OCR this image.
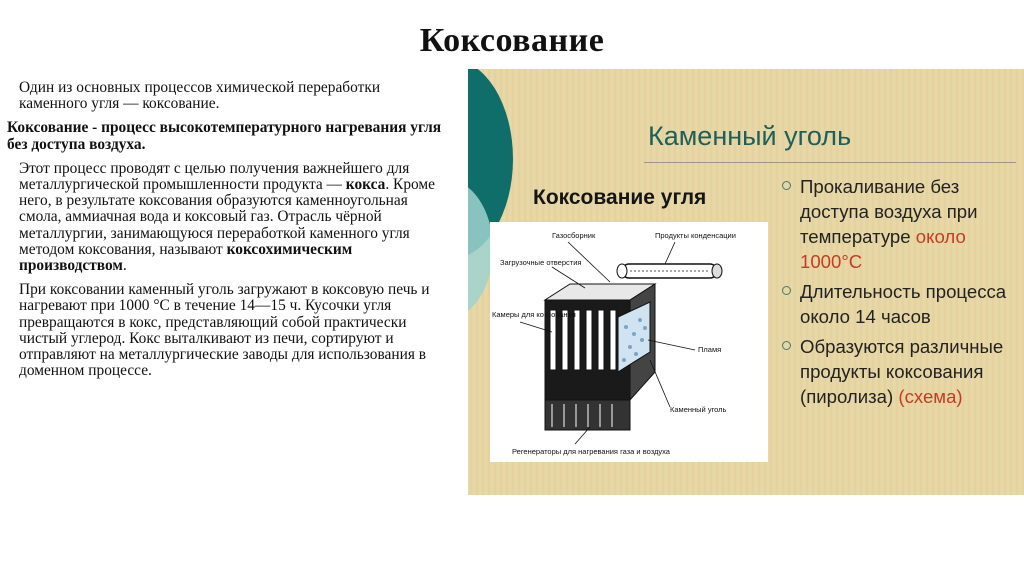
Коксование

Один из основных процессов химической переработки каменного угля — коксование.

Коксование - процесс высокотемпературного нагревания угля без доступа воздуха.

Этот процесс проводят с целью получения важнейшего для металлургической промышленности продукта — кокса. Кроме него, в результате коксования образуются каменноугольная смола, аммиачная вода и коксовый газ. Отрасль чёрной металлургии, занимающуюся переработкой каменного угля методом коксования, называют коксохимическим производством.

При коксовании каменный уголь загружают в коксовую печь и нагревают при 1000 °С в течение 14—15 ч. Кусочки угля превращаются в кокс, представляющий собой практически чистый углерод. Кокс выталкивают из печи, сортируют и отправляют на металлургические заводы для использования в доменном процессе.

Каменный уголь
Коксование угля
Газосборник	Продукты конденсации
Загрузочные отверстия
Камеры для коксования
Пламя
Каменный уголь
Регенераторы для нагревания газа и воздуха
Прокаливание без доступа воздуха при температуре около 1000°С
Длительность процесса около 14 часов
Образуются различные продукты коксования (пиролиза) (схема)
